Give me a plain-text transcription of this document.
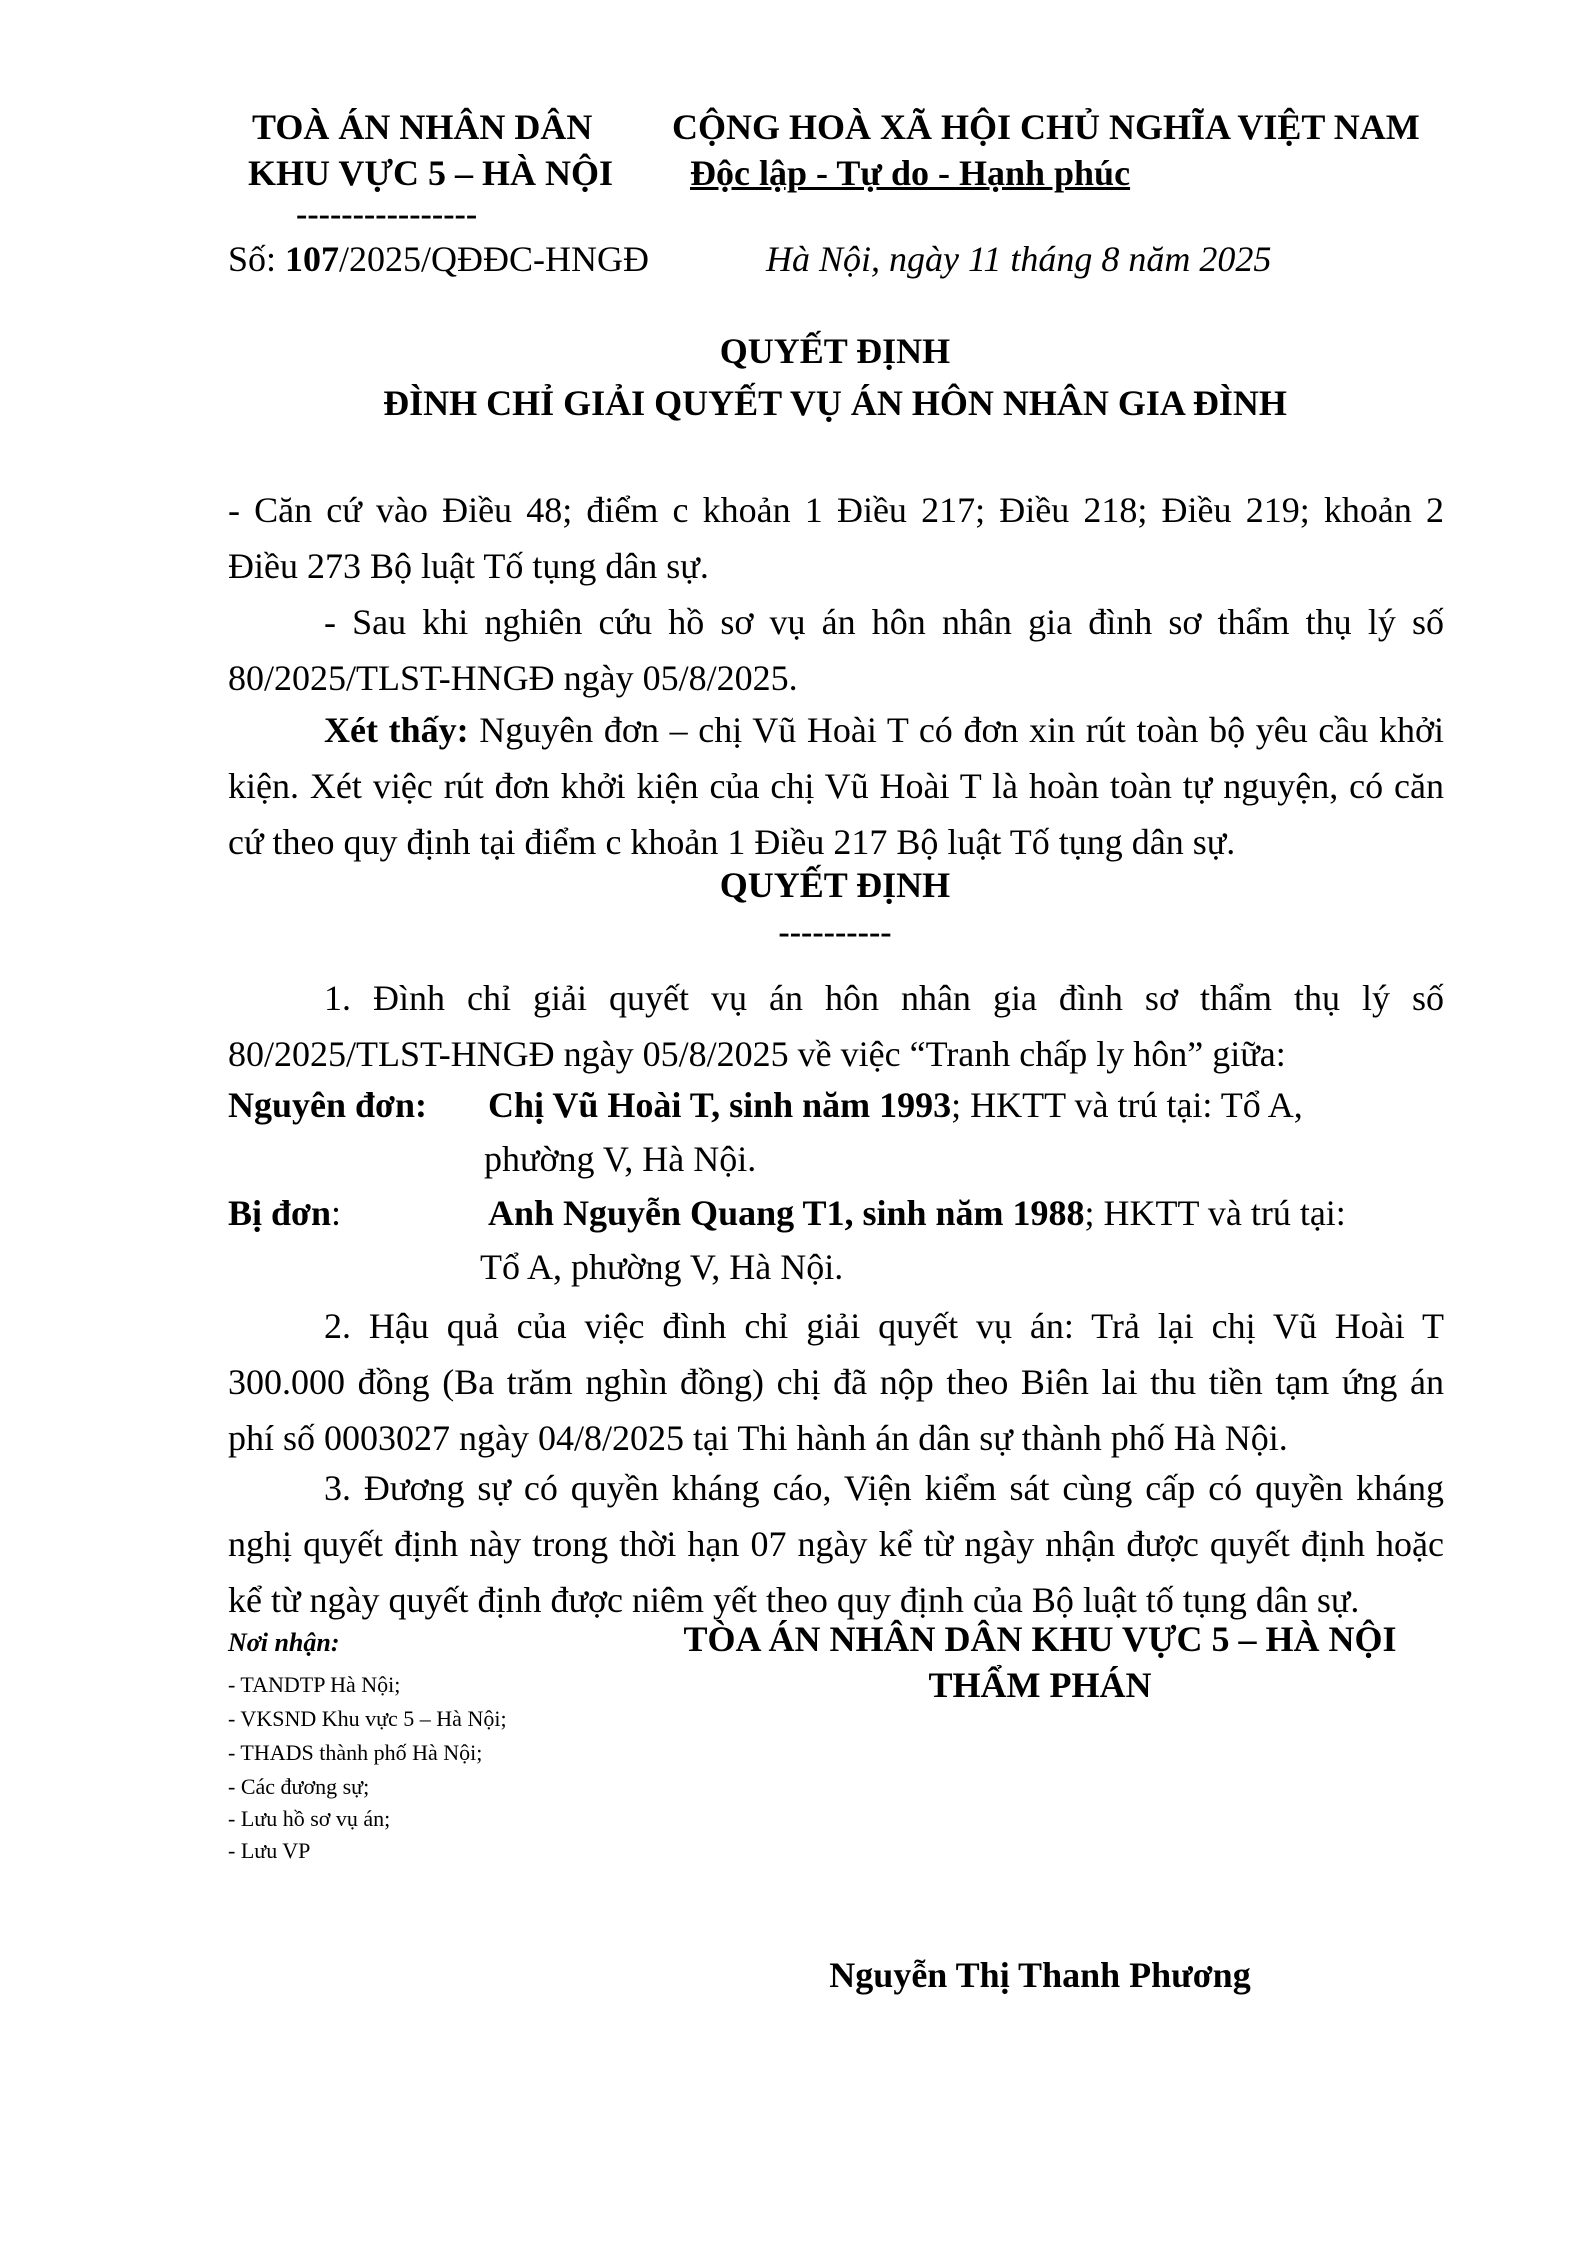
TOÀ ÁN NHÂN DÂN
KHU VỰC 5 – HÀ NỘI
----------------
CỘNG HOÀ XÃ HỘI CHỦ NGHĨA VIỆT NAM
Độc lập - Tự do - Hạnh phúc
Số: 107/2025/QĐĐC-HNGĐ	Hà Nội, ngày 11 tháng 8 năm 2025
QUYẾT ĐỊNH
ĐÌNH CHỈ GIẢI QUYẾT VỤ ÁN HÔN NHÂN GIA ĐÌNH
- Căn cứ vào Điều 48; điểm c khoản 1 Điều 217; Điều 218; Điều 219; khoản 2
Điều 273 Bộ luật Tố tụng dân sự.
- Sau khi nghiên cứu hồ sơ vụ án hôn nhân gia đình sơ thẩm thụ lý số
80/2025/TLST-HNGĐ ngày 05/8/2025.
Xét thấy: Nguyên đơn – chị Vũ Hoài T có đơn xin rút toàn bộ yêu cầu khởi
kiện. Xét việc rút đơn khởi kiện của chị Vũ Hoài T là hoàn toàn tự nguyện, có căn
cứ theo quy định tại điểm c khoản 1 Điều 217 Bộ luật Tố tụng dân sự.
QUYẾT ĐỊNH
----------
1. Đình chỉ giải quyết vụ án hôn nhân gia đình sơ thẩm thụ lý số
80/2025/TLST-HNGĐ ngày 05/8/2025 về việc “Tranh chấp ly hôn” giữa:
Nguyên đơn: Chị Vũ Hoài T, sinh năm 1993; HKTT và trú tại: Tổ A,
phường V, Hà Nội.
Bị đơn:	Anh Nguyễn Quang T1, sinh năm 1988; HKTT và trú tại:
Tổ A, phường V, Hà Nội.
2. Hậu quả của việc đình chỉ giải quyết vụ án: Trả lại chị Vũ Hoài T
300.000 đồng (Ba trăm nghìn đồng) chị đã nộp theo Biên lai thu tiền tạm ứng án
phí số 0003027 ngày 04/8/2025 tại Thi hành án dân sự thành phố Hà Nội.
3. Đương sự có quyền kháng cáo, Viện kiểm sát cùng cấp có quyền kháng
nghị quyết định này trong thời hạn 07 ngày kể từ ngày nhận được quyết định hoặc
kể từ ngày quyết định được niêm yết theo quy định của Bộ luật tố tụng dân sự.
Nơi nhận:
- TANDTP Hà Nội;
- VKSND Khu vực 5 – Hà Nội;
- THADS thành phố Hà Nội;
- Các đương sự;
- Lưu hồ sơ vụ án;
- Lưu VP
TÒA ÁN NHÂN DÂN KHU VỰC 5 – HÀ NỘI
THẨM PHÁN
Nguyễn Thị Thanh Phương
